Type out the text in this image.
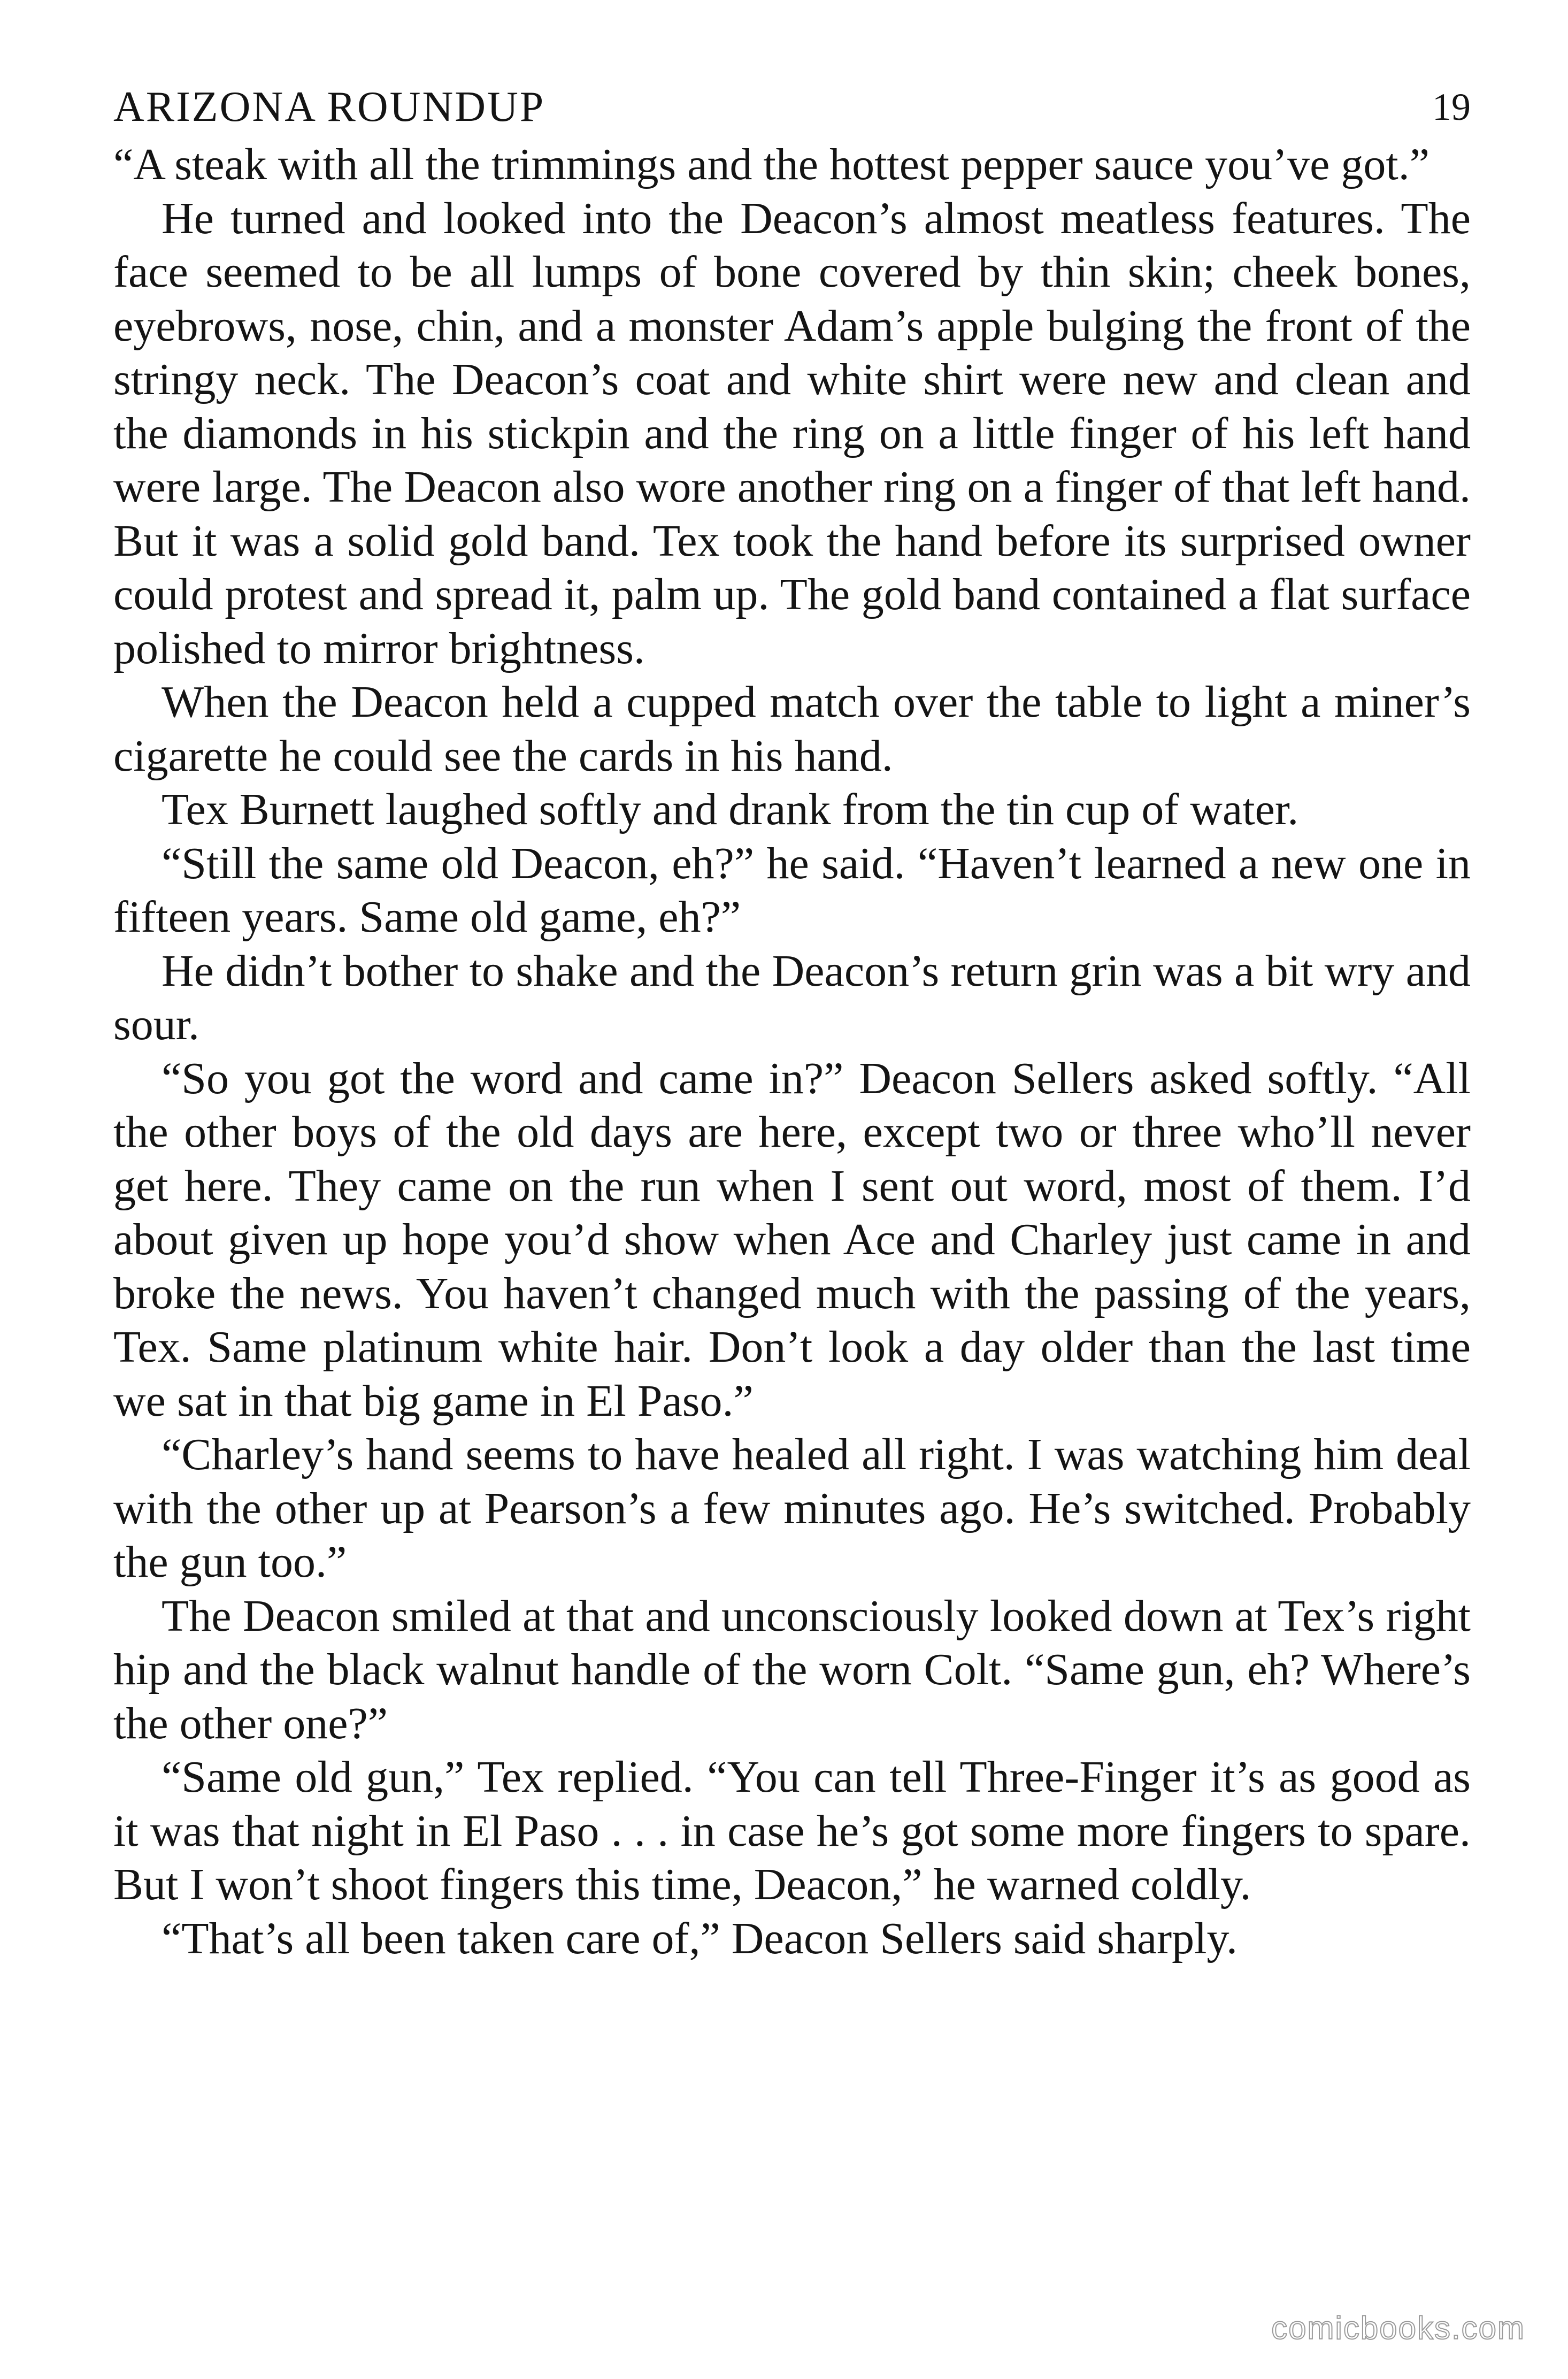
ARIZONA ROUNDUP	19

“A steak with all the trimmings and the hottest pepper sauce you’ve got.”

He turned and looked into the Deacon’s almost meatless features. The face seemed to be all lumps of bone covered by thin skin; cheek bones, eyebrows, nose, chin, and a monster Adam’s apple bulging the front of the stringy neck. The Deacon’s coat and white shirt were new and clean and the diamonds in his stickpin and the ring on a little finger of his left hand were large. The Deacon also wore another ring on a finger of that left hand. But it was a solid gold band. Tex took the hand before its surprised owner could protest and spread it, palm up. The gold band contained a flat surface polished to mirror brightness.

When the Deacon held a cupped match over the table to light a miner’s cigarette he could see the cards in his hand.

Tex Burnett laughed softly and drank from the tin cup of water.

“Still the same old Deacon, eh?” he said. “Haven’t learned a new one in fifteen years. Same old game, eh?”

He didn’t bother to shake and the Deacon’s return grin was a bit wry and sour.

“So you got the word and came in?” Deacon Sellers asked softly. “All the other boys of the old days are here, except two or three who’ll never get here. They came on the run when I sent out word, most of them. I’d about given up hope you’d show when Ace and Charley just came in and broke the news. You haven’t changed much with the passing of the years, Tex. Same platinum white hair. Don’t look a day older than the last time we sat in that big game in El Paso.”

“Charley’s hand seems to have healed all right. I was watching him deal with the other up at Pearson’s a few minutes ago. He’s switched. Probably the gun too.”

The Deacon smiled at that and unconsciously looked down at Tex’s right hip and the black walnut handle of the worn Colt. “Same gun, eh? Where’s the other one?”

“Same old gun,” Tex replied. “You can tell Three-Finger it’s as good as it was that night in El Paso . . . in case he’s got some more fingers to spare. But I won’t shoot fingers this time, Deacon,” he warned coldly.

“That’s all been taken care of,” Deacon Sellers said sharply.

comicbooks.com
